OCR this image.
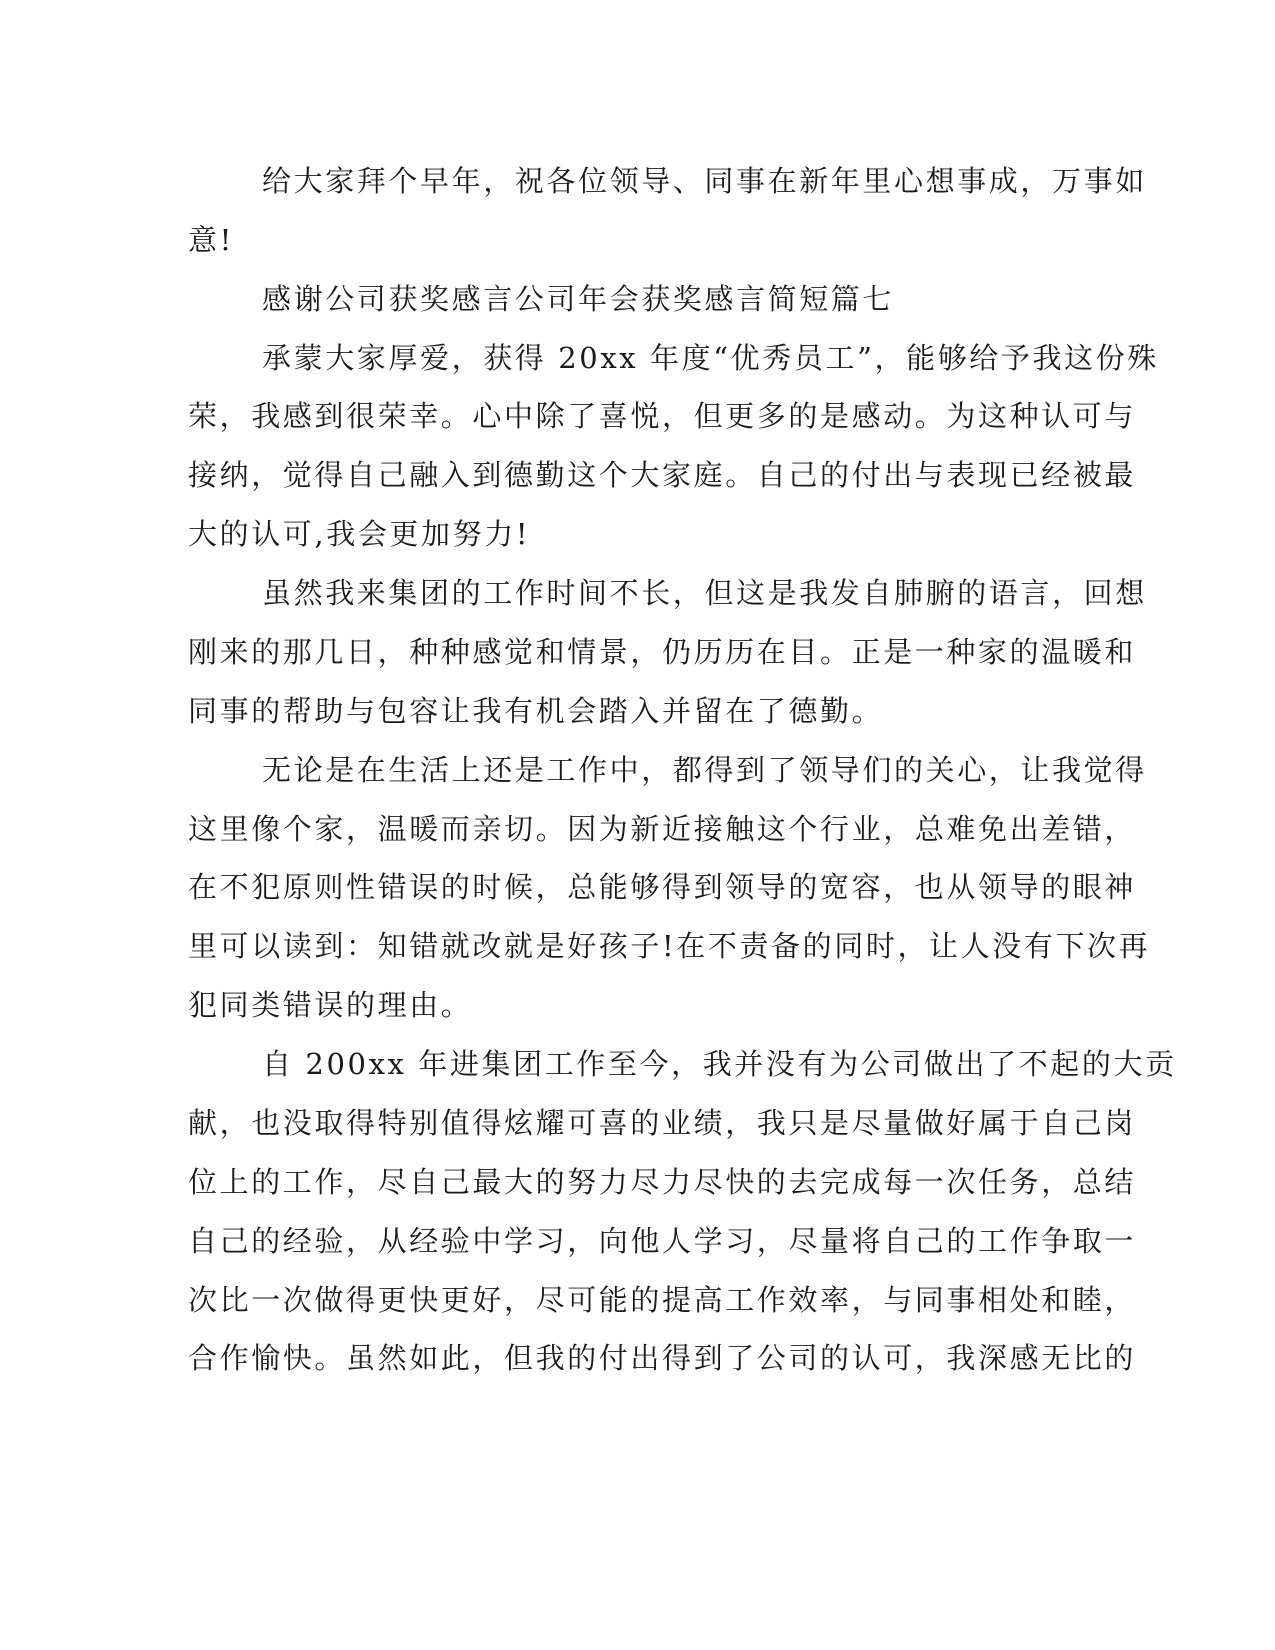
给大家拜个早年，祝各位领导、同事在新年里心想事成，万事如
意!
感谢公司获奖感言公司年会获奖感言简短篇七
承蒙大家厚爱，获得 20xx 年度“优秀员工”，能够给予我这份殊
荣，我感到很荣幸。心中除了喜悦，但更多的是感动。为这种认可与
接纳，觉得自己融入到德勤这个大家庭。自己的付出与表现已经被最
大的认可,我会更加努力!
虽然我来集团的工作时间不长，但这是我发自肺腑的语言，回想
刚来的那几日，种种感觉和情景，仍历历在目。正是一种家的温暖和
同事的帮助与包容让我有机会踏入并留在了德勤。
无论是在生活上还是工作中，都得到了领导们的关心，让我觉得
这里像个家，温暖而亲切。因为新近接触这个行业，总难免出差错，
在不犯原则性错误的时候，总能够得到领导的宽容，也从领导的眼神
里可以读到：知错就改就是好孩子!在不责备的同时，让人没有下次再
犯同类错误的理由。
自 200xx 年进集团工作至今，我并没有为公司做出了不起的大贡
献，也没取得特别值得炫耀可喜的业绩，我只是尽量做好属于自己岗
位上的工作，尽自己最大的努力尽力尽快的去完成每一次任务，总结
自己的经验，从经验中学习，向他人学习，尽量将自己的工作争取一
次比一次做得更快更好，尽可能的提高工作效率，与同事相处和睦，
合作愉快。虽然如此，但我的付出得到了公司的认可，我深感无比的
